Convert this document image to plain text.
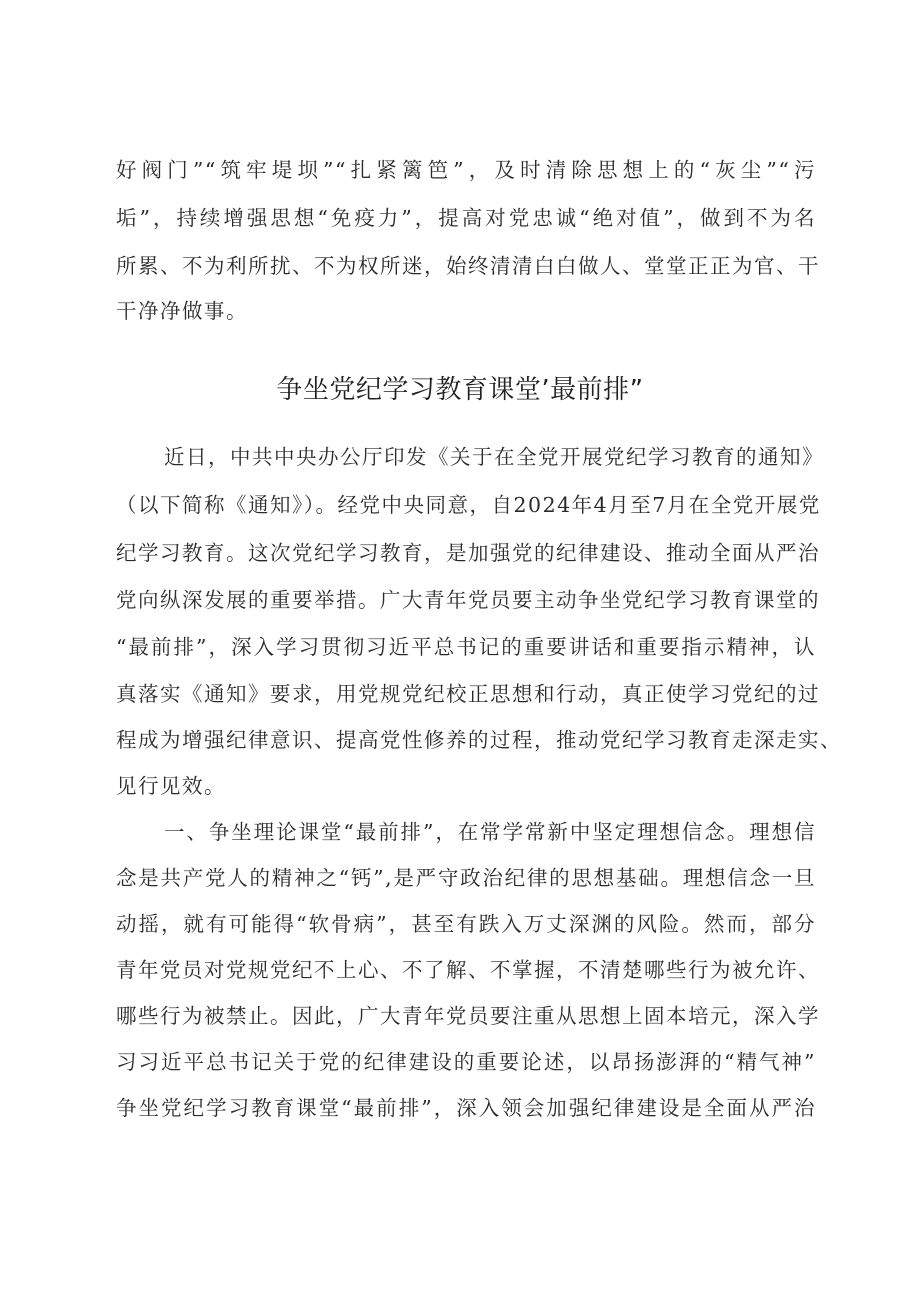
好阀门”“筑牢堤坝”“扎紧篱笆”，及时清除思想上的“灰尘”“污
垢”，持续增强思想“免疫力”，提高对党忠诚“绝对值”，做到不为名
所累、不为利所扰、不为权所迷，始终清清白白做人、堂堂正正为官、干
干净净做事。
争坐党纪学习教育课堂’最前排”
近日，中共中央办公厅印发《关于在全党开展党纪学习教育的通知》
（以下简称《通知》）。经党中央同意，自2024年4月至7月在全党开展党
纪学习教育。这次党纪学习教育，是加强党的纪律建设、推动全面从严治
党向纵深发展的重要举措。广大青年党员要主动争坐党纪学习教育课堂的
“最前排”，深入学习贯彻习近平总书记的重要讲话和重要指示精神，认
真落实《通知》要求，用党规党纪校正思想和行动，真正使学习党纪的过
程成为增强纪律意识、提高党性修养的过程，推动党纪学习教育走深走实、
见行见效。
一、争坐理论课堂“最前排”，在常学常新中坚定理想信念。理想信
念是共产党人的精神之“钙”,是严守政治纪律的思想基础。理想信念一旦
动摇，就有可能得“软骨病”，甚至有跌入万丈深渊的风险。然而，部分
青年党员对党规党纪不上心、不了解、不掌握，不清楚哪些行为被允许、
哪些行为被禁止。因此，广大青年党员要注重从思想上固本培元，深入学
习习近平总书记关于党的纪律建设的重要论述，以昂扬澎湃的“精气神”
争坐党纪学习教育课堂“最前排”，深入领会加强纪律建设是全面从严治
